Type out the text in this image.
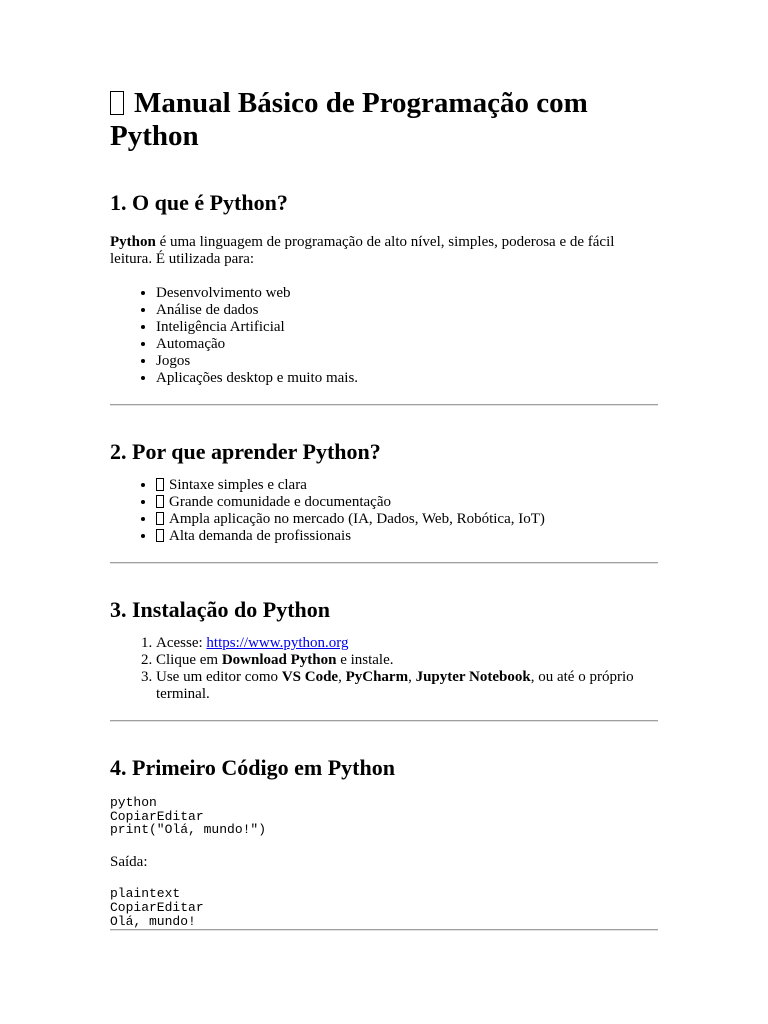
Manual Básico de Programação com Python
1. O que é Python?

Python é uma linguagem de programação de alto nível, simples, poderosa e de fácil leitura. É utilizada para:

• Desenvolvimento web
• Análise de dados
• Inteligência Artificial
• Automação
• Jogos
• Aplicações desktop e muito mais.
2. Por que aprender Python?
• Sintaxe simples e clara
• Grande comunidade e documentação
• Ampla aplicação no mercado (IA, Dados, Web, Robótica, IoT)
• Alta demanda de profissionais
3. Instalação do Python
1. Acesse: https://www.python.org
2. Clique em Download Python e instale.
3. Use um editor como VS Code, PyCharm, Jupyter Notebook, ou até o próprio terminal.
4. Primeiro Código em Python
python
CopiarEditar
print("Olá, mundo!")

Saída:

plaintext
CopiarEditar
Olá, mundo!
